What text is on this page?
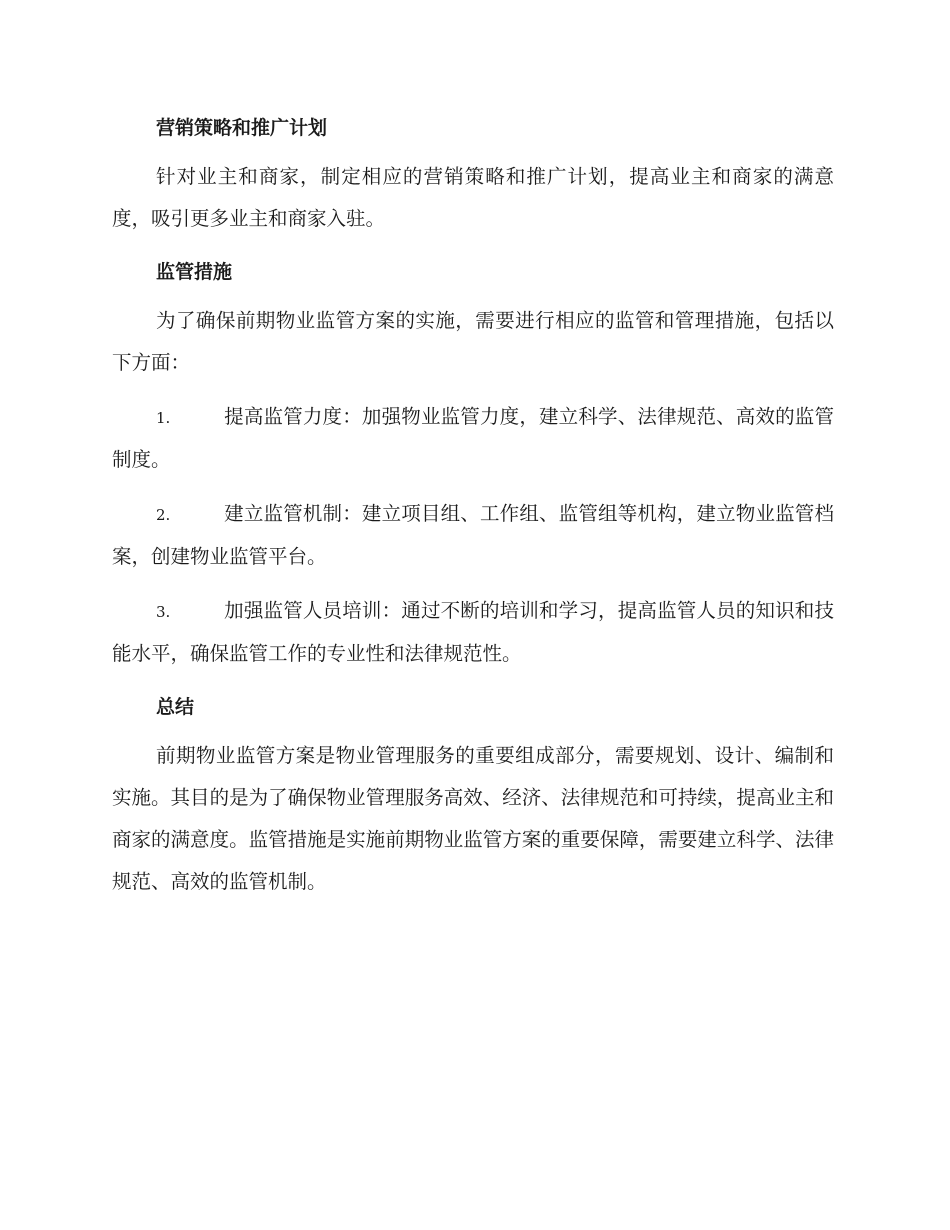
营销策略和推广计划

针对业主和商家，制定相应的营销策略和推广计划，提高业主和商家的满意度，吸引更多业主和商家入驻。

监管措施

为了确保前期物业监管方案的实施，需要进行相应的监管和管理措施，包括以下方面：

1.	提高监管力度：加强物业监管力度，建立科学、法律规范、高效的监管制度。

2.	建立监管机制：建立项目组、工作组、监管组等机构，建立物业监管档案，创建物业监管平台。

3.	加强监管人员培训：通过不断的培训和学习，提高监管人员的知识和技能水平，确保监管工作的专业性和法律规范性。

总结

前期物业监管方案是物业管理服务的重要组成部分，需要规划、设计、编制和实施。其目的是为了确保物业管理服务高效、经济、法律规范和可持续，提高业主和商家的满意度。监管措施是实施前期物业监管方案的重要保障，需要建立科学、法律规范、高效的监管机制。
